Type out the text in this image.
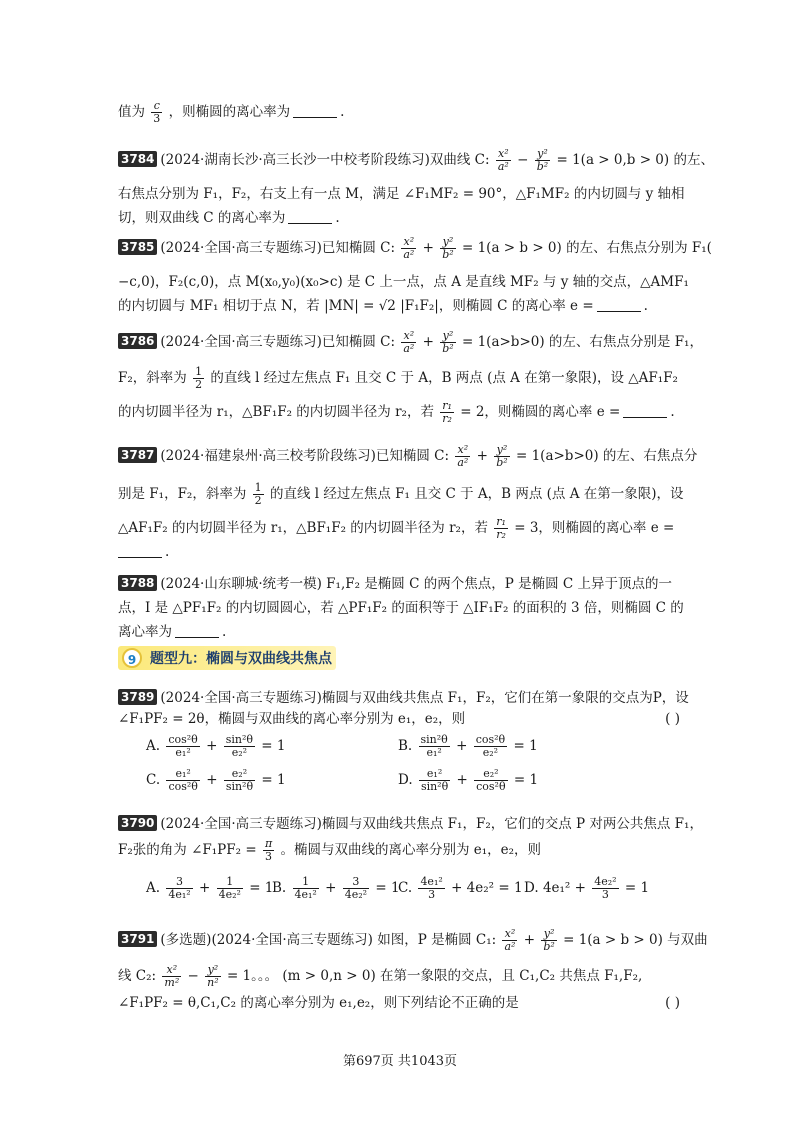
值为 $\frac{c}{3}$ ，则椭圆的离心率为	.
3784 (2024·湖南长沙·高三长沙一中校考阶段练习)双曲线 C: $\frac{\text{x²}}{\text{a²}} - \frac{\text{y²}}{\text{b²}} = 1(a > 0,b > 0)$ 的左、
右焦点分别为 F₁，F₂，右支上有一点 M，满足 ∠F₁MF₂ = 90°，△F₁MF₂ 的内切圆与 y 轴相
切，则双曲线 C 的离心率为	.
3785 (2024·全国·高三专题练习)已知椭圆 C: $\frac{\text{x²}}{\text{a²}} + \frac{\text{y²}}{\text{b²}} = 1(a > b > 0)$ 的左、右焦点分别为 F₁(
−c,0)，F₂(c,0)，点 M(x₀,y₀)(x₀>c) 是 C 上一点，点 A 是直线 MF₂ 与 y 轴的交点，△AMF₁
的内切圆与 MF₁ 相切于点 N，若 |MN| = √2 |F₁F₂|，则椭圆 C 的离心率 e =	.
3786 (2024·全国·高三专题练习)已知椭圆 C: $\frac{\text{x²}}{\text{a²}} + \frac{\text{y²}}{\text{b²}} = 1(a>b>0)$ 的左、右焦点分别是 F₁，
F₂，斜率为 $\frac{1}{2}$ 的直线 l 经过左焦点 F₁ 且交 C 于 A，B 两点 (点 A 在第一象限)，设 △AF₁F₂
的内切圆半径为 r₁，△BF₁F₂ 的内切圆半径为 r₂，若 $\frac{\text{r₁}}{\text{r₂}} = 2$，则椭圆的离心率 e =	.
3787 (2024·福建泉州·高三校考阶段练习)已知椭圆 C: $\frac{\text{x²}}{\text{a²}} + \frac{\text{y²}}{\text{b²}} = 1(a>b>0)$ 的左、右焦点分
别是 F₁，F₂，斜率为 $\frac{1}{2}$ 的直线 l 经过左焦点 F₁ 且交 C 于 A，B 两点 (点 A 在第一象限)，设
△AF₁F₂ 的内切圆半径为 r₁，△BF₁F₂ 的内切圆半径为 r₂，若 $\frac{\text{r₁}}{\text{r₂}} = 3$，则椭圆的离心率 e =
.
3788 (2024·山东聊城·统考一模) F₁,F₂ 是椭圆 C 的两个焦点，P 是椭圆 C 上异于顶点的一
点，I 是 △PF₁F₂ 的内切圆圆心，若 △PF₁F₂ 的面积等于 △IF₁F₂ 的面积的 3 倍，则椭圆 C 的
离心率为	.
9 题型九：椭圆与双曲线共焦点
3789 (2024·全国·高三专题练习)椭圆与双曲线共焦点 F₁，F₂，它们在第一象限的交点为P，设
∠F₁PF₂ = 2θ，椭圆与双曲线的离心率分别为 e₁，e₂，则	( )
A. $\frac{\text{cos²θ}}{\text{e₁²}} + \frac{\text{sin²θ}}{\text{e₂²}} = 1$	B. $\frac{\text{sin²θ}}{\text{e₁²}} + \frac{\text{cos²θ}}{\text{e₂²}} = 1$
C. $\frac{\text{e₁²}}{\text{cos²θ}} + \frac{\text{e₂²}}{\text{sin²θ}} = 1$	D. $\frac{\text{e₁²}}{\text{sin²θ}} + \frac{\text{e₂²}}{\text{cos²θ}} = 1$
3790 (2024·全国·高三专题练习)椭圆与双曲线共焦点 F₁，F₂，它们的交点 P 对两公共焦点 F₁，
F₂张的角为 ∠F₁PF₂ = $\frac{\pi}{3}$ 。椭圆与双曲线的离心率分别为 e₁，e₂，则
A. $\frac{3}{\text{4e₁²}} + \frac{1}{\text{4e₂²}} = 1$
B. $\frac{1}{\text{4e₁²}} + \frac{3}{\text{4e₂²}} = 1$
C. $\frac{\text{4e₁²}}{3} + 4e_2^2 = 1$ D. $4e_1^2 + \frac{\text{4e₂²}}{3} = 1$
3791 (多选题)(2024·全国·高三专题练习) 如图，P 是椭圆 C₁: $\frac{\text{x²}}{\text{a²}} + \frac{\text{y²}}{\text{b²}} = 1(a > b > 0)$ 与双曲
线 C₂: $\frac{\text{x²}}{\text{m²}} - \frac{\text{y²}}{\text{n²}} = 1$。。。 (m > 0,n > 0) 在第一象限的交点，且 C₁,C₂ 共焦点 F₁,F₂,
∠F₁PF₂ = θ,C₁,C₂ 的离心率分别为 e₁,e₂，则下列结论不正确的是	( )
第697页 共1043页
